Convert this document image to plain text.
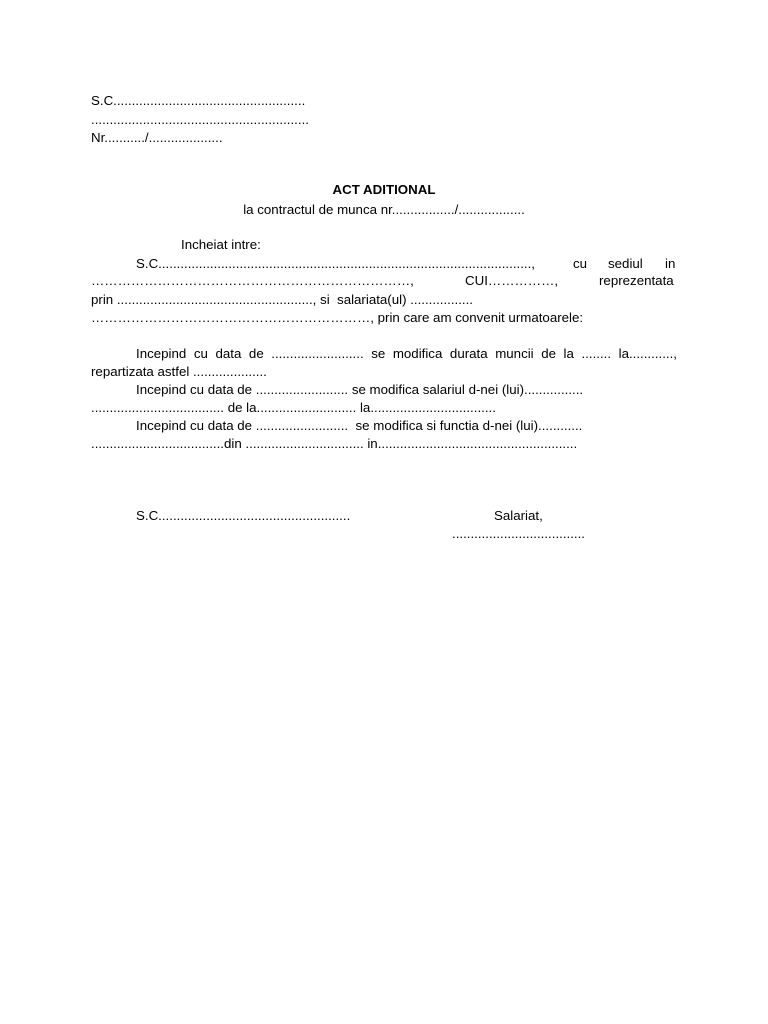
S.C....................................................
...........................................................
Nr.........../....................
ACT ADITIONAL
la contractul de munca nr................./..................
Incheiat intre:
S.C.....................................................................................................,	cu sediul in
………………………………………………………………,	CUI……………,	reprezentata
prin ....................................................., si  salariata(ul) .................
………………………………………………………, prin care am convenit urmatoarele:
Incepind cu data de ......................... se modifica durata muncii de la ........ la............,
repartizata astfel ....................
Incepind cu data de ......................... se modifica salariul d-nei (lui)................
.................................... de la........................... la..................................
Incepind cu data de .........................  se modifica si functia d-nei (lui)............
....................................din ................................ in......................................................
S.C....................................................	Salariat,
....................................
